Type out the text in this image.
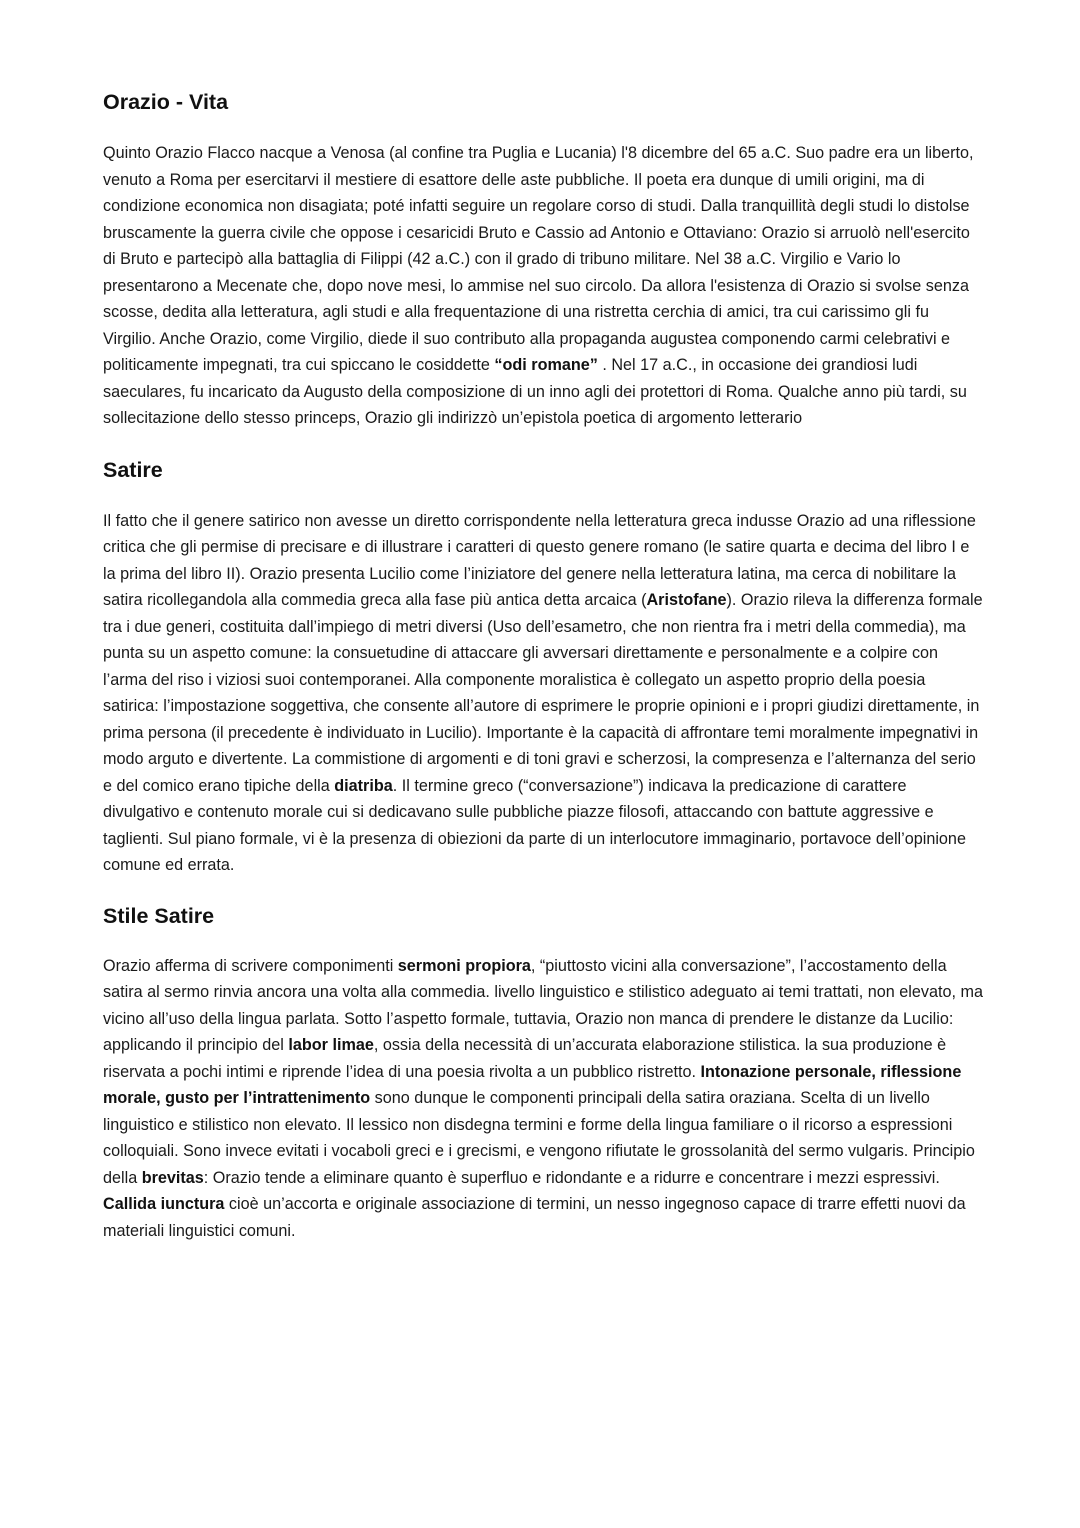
Orazio - Vita

Quinto Orazio Flacco nacque a Venosa (al confine tra Puglia e Lucania) l'8 dicembre del 65 a.C. Suo padre era un liberto, venuto a Roma per esercitarvi il mestiere di esattore delle aste pubbliche. Il poeta era dunque di umili origini, ma di condizione economica non disagiata; poté infatti seguire un regolare corso di studi. Dalla tranquillità degli studi lo distolse bruscamente la guerra civile che oppose i cesaricidi Bruto e Cassio ad Antonio e Ottaviano: Orazio si arruolò nell'esercito di Bruto e partecipò alla battaglia di Filippi (42 a.C.) con il grado di tribuno militare. Nel 38 a.C. Virgilio e Vario lo presentarono a Mecenate che, dopo nove mesi, lo ammise nel suo circolo. Da allora l'esistenza di Orazio si svolse senza scosse, dedita alla letteratura, agli studi e alla frequentazione di una ristretta cerchia di amici, tra cui carissimo gli fu Virgilio. Anche Orazio, come Virgilio, diede il suo contributo alla propaganda augustea componendo carmi celebrativi e politicamente impegnati, tra cui spiccano le cosiddette “odi romane” . Nel 17 a.C., in occasione dei grandiosi ludi saeculares, fu incaricato da Augusto della composizione di un inno agli dei protettori di Roma. Qualche anno più tardi, su sollecitazione dello stesso princeps, Orazio gli indirizzò un’epistola poetica di argomento letterario

Satire

Il fatto che il genere satirico non avesse un diretto corrispondente nella letteratura greca indusse Orazio ad una riflessione critica che gli permise di precisare e di illustrare i caratteri di questo genere romano (le satire quarta e decima del libro I e la prima del libro II). Orazio presenta Lucilio come l’iniziatore del genere nella letteratura latina, ma cerca di nobilitare la satira ricollegandola alla commedia greca alla fase più antica detta arcaica (Aristofane). Orazio rileva la differenza formale tra i due generi, costituita dall’impiego di metri diversi (Uso dell’esametro, che non rientra fra i metri della commedia), ma punta su un aspetto comune: la consuetudine di attaccare gli avversari direttamente e personalmente e a colpire con l’arma del riso i viziosi suoi contemporanei. Alla componente moralistica è collegato un aspetto proprio della poesia satirica: l’impostazione soggettiva, che consente all’autore di esprimere le proprie opinioni e i propri giudizi direttamente, in prima persona (il precedente è individuato in Lucilio). Importante è la capacità di affrontare temi moralmente impegnativi in modo arguto e divertente. La commistione di argomenti e di toni gravi e scherzosi, la compresenza e l’alternanza del serio e del comico erano tipiche della diatriba. Il termine greco (“conversazione”) indicava la predicazione di carattere divulgativo e contenuto morale cui si dedicavano sulle pubbliche piazze filosofi, attaccando con battute aggressive e taglienti. Sul piano formale, vi è la presenza di obiezioni da parte di un interlocutore immaginario, portavoce dell’opinione comune ed errata.

Stile Satire

Orazio afferma di scrivere componimenti sermoni propiora, “piuttosto vicini alla conversazione”, l’accostamento della satira al sermo rinvia ancora una volta alla commedia. livello linguistico e stilistico adeguato ai temi trattati, non elevato, ma vicino all’uso della lingua parlata. Sotto l’aspetto formale, tuttavia, Orazio non manca di prendere le distanze da Lucilio: applicando il principio del labor limae, ossia della necessità di un’accurata elaborazione stilistica. la sua produzione è riservata a pochi intimi e riprende l’idea di una poesia rivolta a un pubblico ristretto. Intonazione personale, riflessione morale, gusto per l’intrattenimento sono dunque le componenti principali della satira oraziana. Scelta di un livello linguistico e stilistico non elevato. Il lessico non disdegna termini e forme della lingua familiare o il ricorso a espressioni colloquiali. Sono invece evitati i vocaboli greci e i grecismi, e vengono rifiutate le grossolanità del sermo vulgaris. Principio della brevitas: Orazio tende a eliminare quanto è superfluo e ridondante e a ridurre e concentrare i mezzi espressivi. Callida iunctura cioè un’accorta e originale associazione di termini, un nesso ingegnoso capace di trarre effetti nuovi da materiali linguistici comuni.
